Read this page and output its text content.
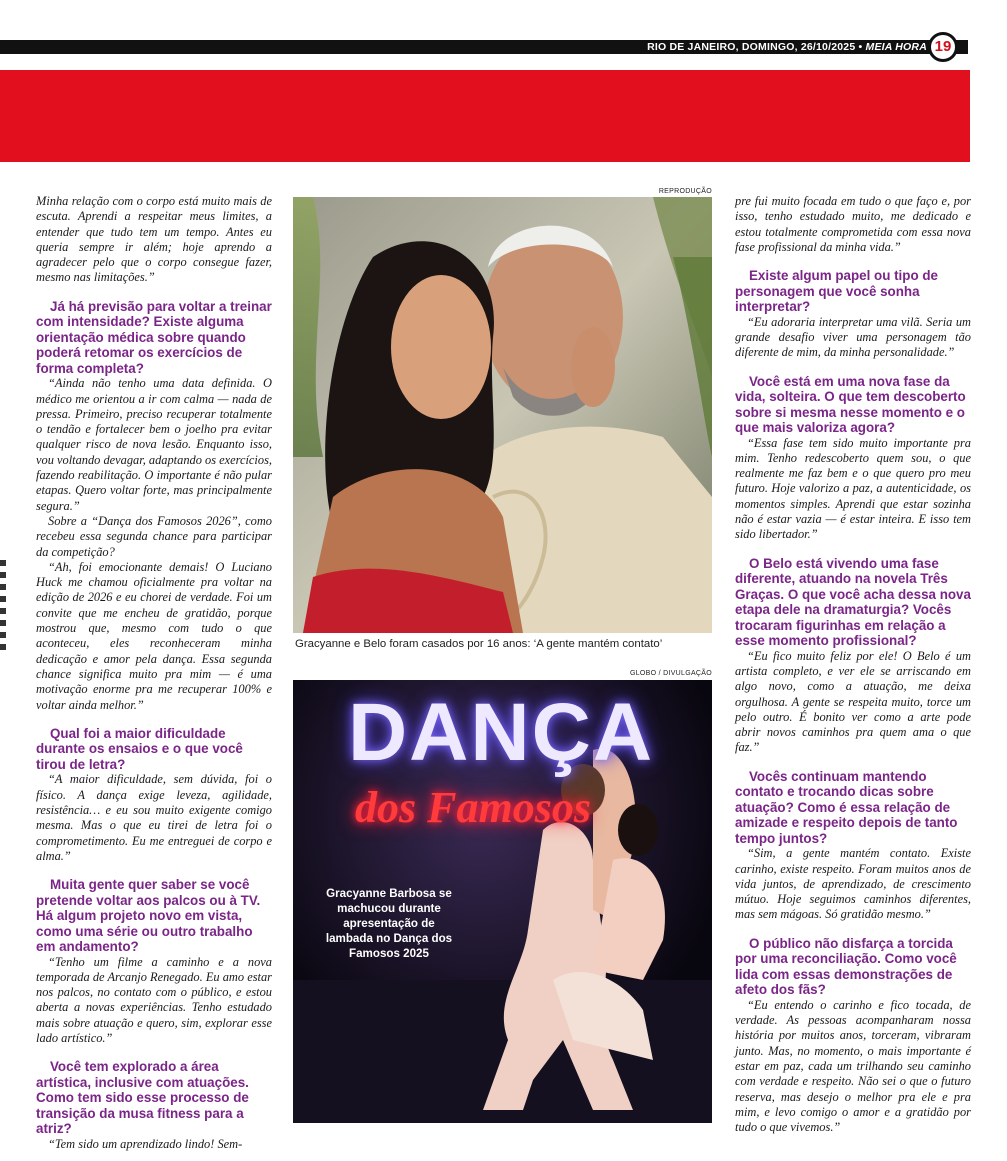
RIO DE JANEIRO, DOMINGO, 26/10/2025 • MEIA HORA 19

Minha relação com o corpo está muito mais de escuta. Aprendi a respeitar meus limites, a entender que tudo tem um tempo. Antes eu queria sempre ir além; hoje aprendo a agradecer pelo que o corpo consegue fazer, mesmo nas limitações.”

Já há previsão para voltar a treinar com intensidade? Existe alguma orientação médica sobre quando poderá retomar os exercícios de forma completa?

“Ainda não tenho uma data definida. O médico me orientou a ir com calma — nada de pressa. Primeiro, preciso recuperar totalmente o tendão e fortalecer bem o joelho pra evitar qualquer risco de nova lesão. Enquanto isso, vou voltando devagar, adaptando os exercícios, fazendo reabilitação. O importante é não pular etapas. Quero voltar forte, mas principalmente segura.”

Sobre a “Dança dos Famosos 2026”, como recebeu essa segunda chance para participar da competição?

“Ah, foi emocionante demais! O Luciano Huck me chamou oficialmente pra voltar na edição de 2026 e eu chorei de verdade. Foi um convite que me encheu de gratidão, porque mostrou que, mesmo com tudo o que aconteceu, eles reconheceram minha dedicação e amor pela dança. Essa segunda chance significa muito pra mim — é uma motivação enorme pra me recuperar 100% e voltar ainda melhor.”

Qual foi a maior dificuldade durante os ensaios e o que você tirou de letra?

“A maior dificuldade, sem dúvida, foi o físico. A dança exige leveza, agilidade, resistência… e eu sou muito exigente comigo mesma. Mas o que eu tirei de letra foi o comprometimento. Eu me entreguei de corpo e alma.”

Muita gente quer saber se você pretende voltar aos palcos ou à TV. Há algum projeto novo em vista, como uma série ou outro trabalho em andamento?

“Tenho um filme a caminho e a nova temporada de Arcanjo Renegado. Eu amo estar nos palcos, no contato com o público, e estou aberta a novas experiências. Tenho estudado mais sobre atuação e quero, sim, explorar esse lado artístico.”

Você tem explorado a área artística, inclusive com atuações. Como tem sido esse processo de transição da musa fitness para a atriz?

“Tem sido um aprendizado lindo! Sem-

REPRODUÇÃO
Gracyanne e Belo foram casados por 16 anos: ‘A gente mantém contato’
GLOBO / DIVULGAÇÃO
DANÇA
dos Famosos
Gracyanne Barbosa se machucou durante apresentação de lambada no Dança dos Famosos 2025

pre fui muito focada em tudo o que faço e, por isso, tenho estudado muito, me dedicado e estou totalmente comprometida com essa nova fase profissional da minha vida.”

Existe algum papel ou tipo de personagem que você sonha interpretar?

“Eu adoraria interpretar uma vilã. Seria um grande desafio viver uma personagem tão diferente de mim, da minha personalidade.”

Você está em uma nova fase da vida, solteira. O que tem descoberto sobre si mesma nesse momento e o que mais valoriza agora?

“Essa fase tem sido muito importante pra mim. Tenho redescoberto quem sou, o que realmente me faz bem e o que quero pro meu futuro. Hoje valorizo a paz, a autenticidade, os momentos simples. Aprendi que estar sozinha não é estar vazia — é estar inteira. E isso tem sido libertador.”

O Belo está vivendo uma fase diferente, atuando na novela Três Graças. O que você acha dessa nova etapa dele na dramaturgia? Vocês trocaram figurinhas em relação a esse momento profissional?

“Eu fico muito feliz por ele! O Belo é um artista completo, e ver ele se arriscando em algo novo, como a atuação, me deixa orgulhosa. A gente se respeita muito, torce um pelo outro. É bonito ver como a arte pode abrir novos caminhos pra quem ama o que faz.”

Vocês continuam mantendo contato e trocando dicas sobre atuação? Como é essa relação de amizade e respeito depois de tanto tempo juntos?

“Sim, a gente mantém contato. Existe carinho, existe respeito. Foram muitos anos de vida juntos, de aprendizado, de crescimento mútuo. Hoje seguimos caminhos diferentes, mas sem mágoas. Só gratidão mesmo.”

O público não disfarça a torcida por uma reconciliação. Como você lida com essas demonstrações de afeto dos fãs?

“Eu entendo o carinho e fico tocada, de verdade. As pessoas acompanharam nossa história por muitos anos, torceram, vibraram junto. Mas, no momento, o mais importante é estar em paz, cada um trilhando seu caminho com verdade e respeito. Não sei o que o futuro reserva, mas desejo o melhor pra ele e pra mim, e levo comigo o amor e a gratidão por tudo o que vivemos.”
